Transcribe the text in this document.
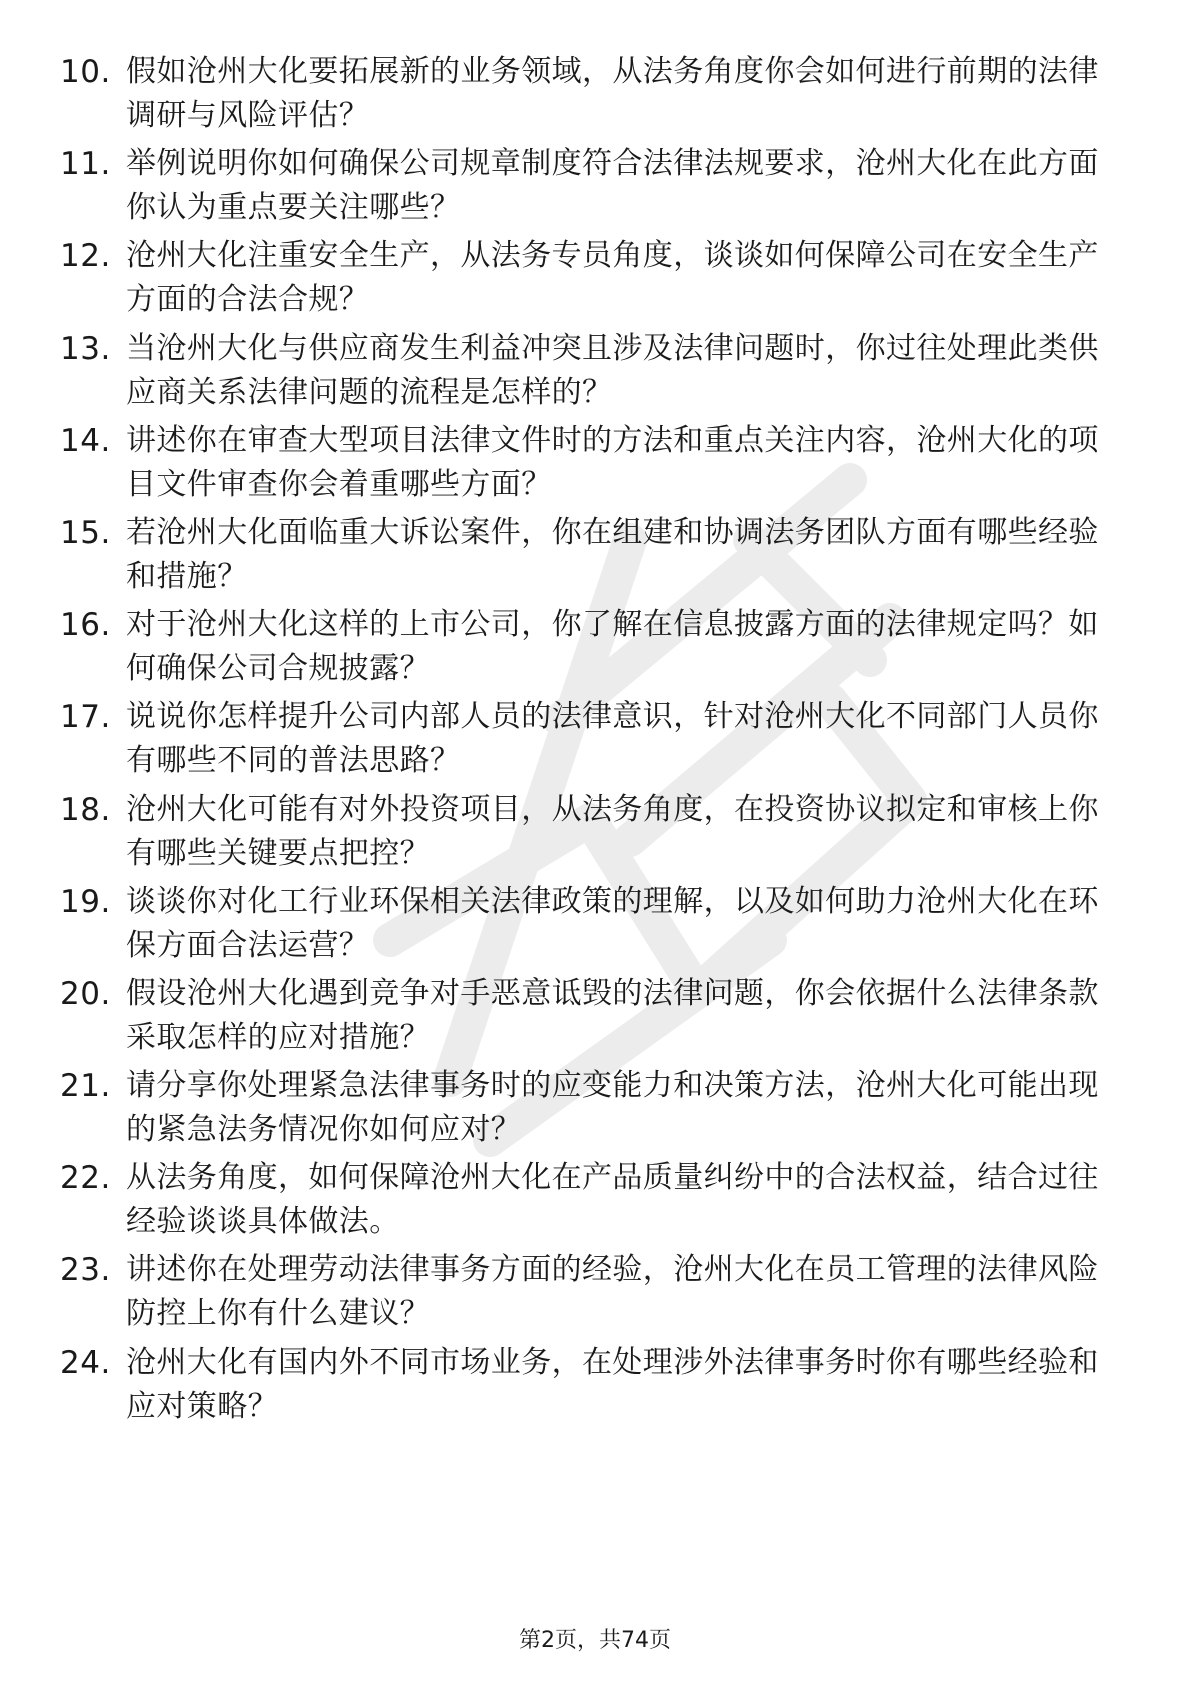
10. 假如沧州大化要拓展新的业务领域，从法务角度你会如何进行前期的法律调研与风险评估？
11. 举例说明你如何确保公司规章制度符合法律法规要求，沧州大化在此方面你认为重点要关注哪些？
12. 沧州大化注重安全生产，从法务专员角度，谈谈如何保障公司在安全生产方面的合法合规？
13. 当沧州大化与供应商发生利益冲突且涉及法律问题时，你过往处理此类供应商关系法律问题的流程是怎样的？
14. 讲述你在审查大型项目法律文件时的方法和重点关注内容，沧州大化的项目文件审查你会着重哪些方面？
15. 若沧州大化面临重大诉讼案件，你在组建和协调法务团队方面有哪些经验和措施？
16. 对于沧州大化这样的上市公司，你了解在信息披露方面的法律规定吗？如何确保公司合规披露？
17. 说说你怎样提升公司内部人员的法律意识，针对沧州大化不同部门人员你有哪些不同的普法思路？
18. 沧州大化可能有对外投资项目，从法务角度，在投资协议拟定和审核上你有哪些关键要点把控？
19. 谈谈你对化工行业环保相关法律政策的理解，以及如何助力沧州大化在环保方面合法运营？
20. 假设沧州大化遇到竞争对手恶意诋毁的法律问题，你会依据什么法律条款采取怎样的应对措施？
21. 请分享你处理紧急法律事务时的应变能力和决策方法，沧州大化可能出现的紧急法务情况你如何应对？
22. 从法务角度，如何保障沧州大化在产品质量纠纷中的合法权益，结合过往经验谈谈具体做法。
23. 讲述你在处理劳动法律事务方面的经验，沧州大化在员工管理的法律风险防控上你有什么建议？
24. 沧州大化有国内外不同市场业务，在处理涉外法律事务时你有哪些经验和应对策略？
第2页，共74页
